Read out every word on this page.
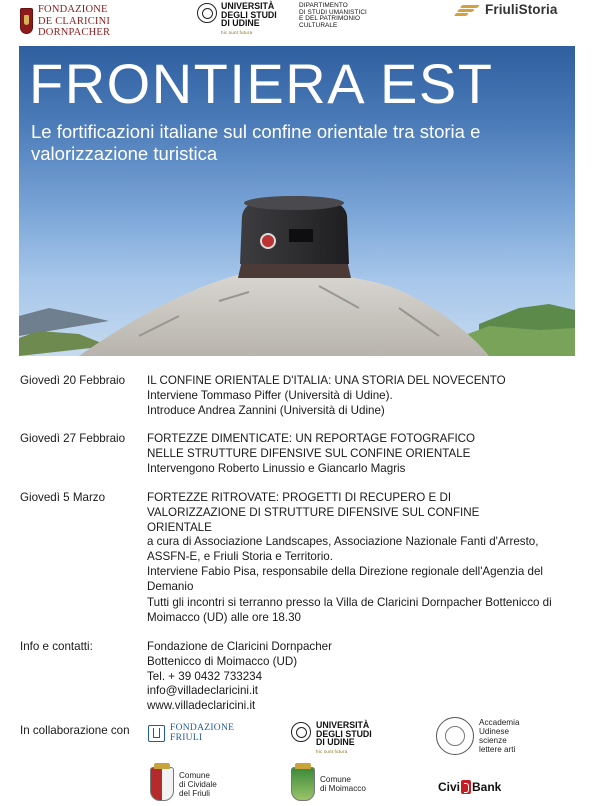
FONDAZIONE
DE CLARICINI
DORNPACHER
UNIVERSITÀ
DEGLI STUDI
DI UDINE
hic sunt futura
DIPARTIMENTO
DI STUDI UMANISTICI
E DEL PATRIMONIO
CULTURALE
FriuliStoria
FRONTIERA EST
Le fortificazioni italiane sul confine orientale tra storia e valorizzazione turistica
Giovedì 20 Febbraio	IL CONFINE ORIENTALE D'ITALIA: UNA STORIA DEL NOVECENTO
Interviene Tommaso Piffer (Università di Udine).
Introduce Andrea Zannini (Università di Udine)
Giovedì 27 Febbraio	FORTEZZE DIMENTICATE: UN REPORTAGE FOTOGRAFICO NELLE STRUTTURE DIFENSIVE SUL CONFINE ORIENTALE
Intervengono Roberto Linussio e Giancarlo Magris
Giovedì 5 Marzo	FORTEZZE RITROVATE: PROGETTI DI RECUPERO E DI VALORIZZAZIONE DI STRUTTURE DIFENSIVE SUL CONFINE ORIENTALE
a cura di Associazione Landscapes, Associazione Nazionale Fanti d'Arresto, ASSFN-E, e Friuli Storia e Territorio.
Interviene Fabio Pisa, responsabile della Direzione regionale dell'Agenzia del Demanio
Tutti gli incontri si terranno presso la Villa de Claricini Dornpacher Bottenicco di Moimacco (UD) alle ore 18.30
Info e contatti:	Fondazione de Claricini Dornpacher
Bottenicco di Moimacco (UD)
Tel. + 39 0432 733234
info@villadeclaricini.it
www.villadeclaricini.it
In collaborazione con	FONDAZIONE
FRIULI
UNIVERSITÀ
DEGLI STUDI
DI UDINE
hic sunt futura
Accademia
Udinese
scienze
lettere arti
Comune
di Cividale
del Friuli
Comune
di Moimacco	Civi Bank
